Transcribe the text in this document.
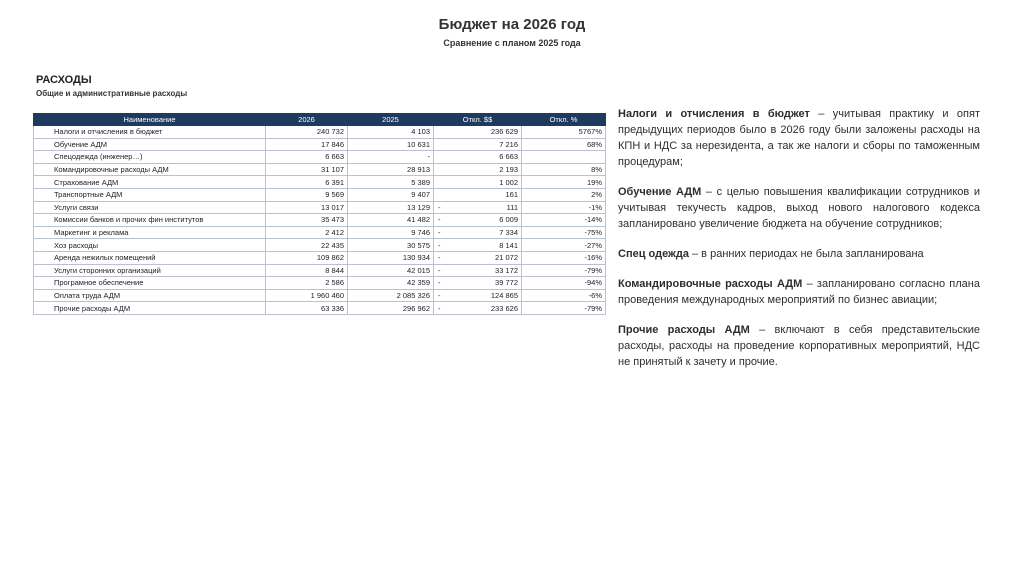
Бюджет на 2026 год
Сравнение с планом 2025 года
РАСХОДЫ
Общие и административные расходы
Наименование	2026	2025	Откл. $$	Откл. %
Налоги и отчисления в бюджет	240 732	4 103	236 629	5767%
Обучение АДМ	17 846	10 631	7 216	68%
Спецодежда (инженер…)	6 663	-	6 663	
Командировочные расходы АДМ	31 107	28 913	2 193	8%
Страхование АДМ	6 391	5 389	1 002	19%
Транспортные АДМ	9 569	9 407	161	2%
Услуги связи	13 017	13 129	- 111	-1%
Комиссии банков и прочих фин институтов	35 473	41 482	- 6 009	-14%
Маркетинг и реклама	2 412	9 746	- 7 334	-75%
Хоз расходы	22 435	30 575	- 8 141	-27%
Аренда нежилых помещений	109 862	130 934	- 21 072	-16%
Услуги сторонних организаций	8 844	42 015	- 33 172	-79%
Програмное обеспечение	2 586	42 359	- 39 772	-94%
Оплата труда АДМ	1 960 460	2 085 326	- 124 865	-6%
Прочие расходы АДМ	63 336	296 962	- 233 626	-79%

Налоги и отчисления в бюджет – учитывая практику и опят предыдущих периодов было в 2026 году были заложены расходы на КПН и НДС за нерезидента, а так же налоги и сборы по таможенным процедурам;

Обучение АДМ – с целью повышения квалификации сотрудников и учитывая текучесть кадров, выход нового налогового кодекса запланировано увеличение бюджета на обучение сотрудников;

Спец одежда – в ранних периодах не была запланирована

Командировочные расходы АДМ – запланировано согласно плана проведения международных мероприятий по бизнес авиации;

Прочие расходы АДМ – включают в себя представительские расходы, расходы на проведение корпоративных мероприятий, НДС не принятый к зачету и прочие.
